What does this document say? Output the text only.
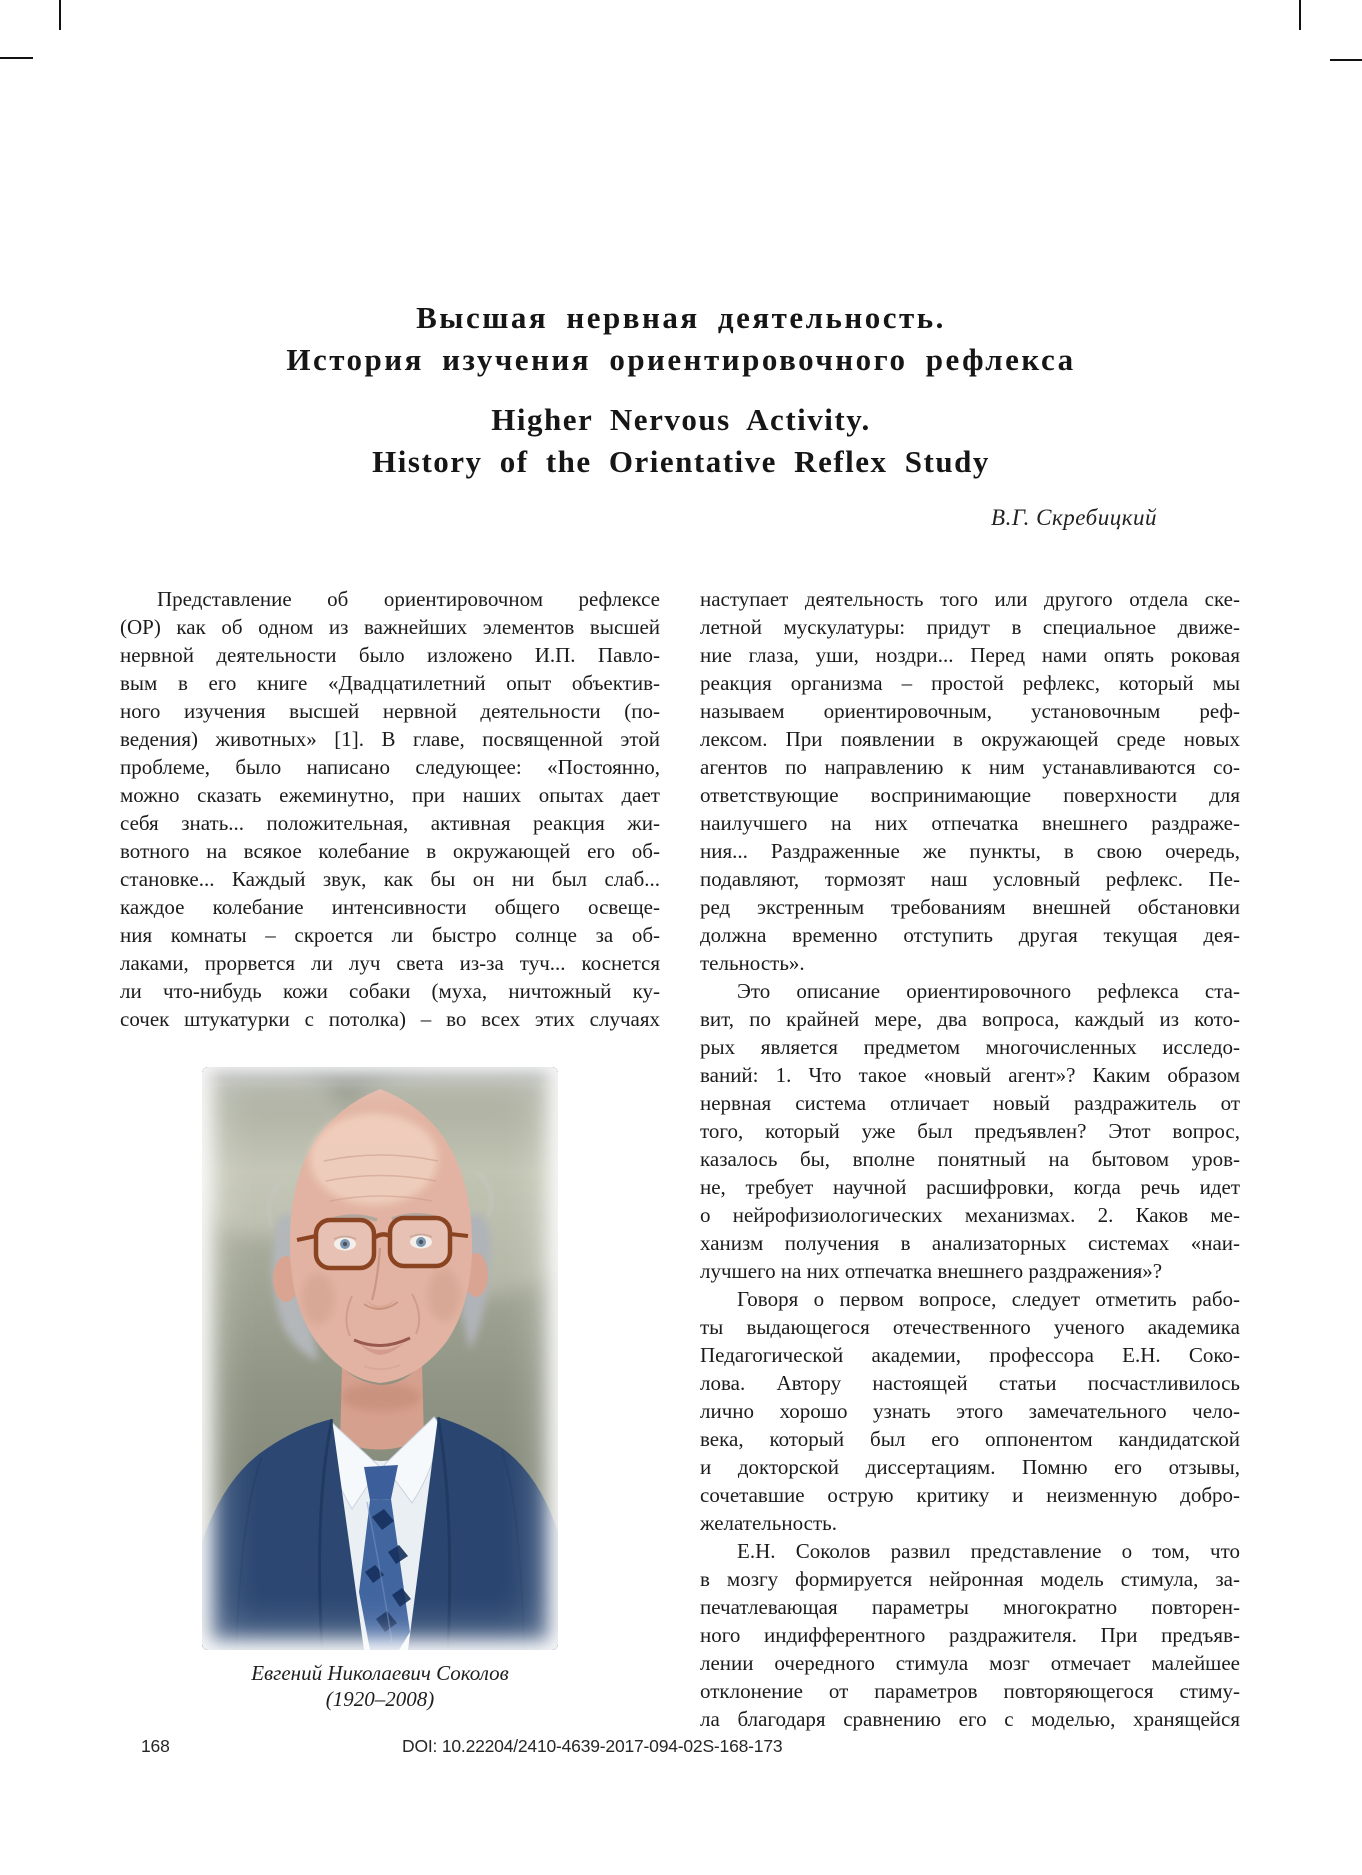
Высшая нервная деятельность.
История изучения ориентировочного рефлекса
Higher Nervous Activity.
History of the Orientative Reflex Study
В.Г. Скребицкий
Представление об ориентировочном рефлексе
(ОР) как об одном из важнейших элементов высшей
нервной деятельности было изложено И.П. Павло-
вым в его книге «Двадцатилетний опыт объектив-
ного изучения высшей нервной деятельности (по-
ведения) животных» [1]. В главе, посвященной этой
проблеме, было написано следующее: «Постоянно,
можно сказать ежеминутно, при наших опытах дает
себя знать... положительная, активная реакция жи-
вотного на всякое колебание в окружающей его об-
становке... Каждый звук, как бы он ни был слаб...
каждое колебание интенсивности общего освеще-
ния комнаты – скроется ли быстро солнце за об-
лаками, прорвется ли луч света из-за туч... коснется
ли что-нибудь кожи собаки (муха, ничтожный ку-
сочек штукатурки с потолка) – во всех этих случаях
наступает деятельность того или другого отдела ске-
летной мускулатуры: придут в специальное движе-
ние глаза, уши, ноздри... Перед нами опять роковая
реакция организма – простой рефлекс, который мы
называем ориентировочным, установочным реф-
лексом. При появлении в окружающей среде новых
агентов по направлению к ним устанавливаются со-
ответствующие воспринимающие поверхности для
наилучшего на них отпечатка внешнего раздраже-
ния... Раздраженные же пункты, в свою очередь,
подавляют, тормозят наш условный рефлекс. Пе-
ред экстренным требованиям внешней обстановки
должна временно отступить другая текущая дея-
тельность».
Это описание ориентировочного рефлекса ста-
вит, по крайней мере, два вопроса, каждый из кото-
рых является предметом многочисленных исследо-
ваний: 1. Что такое «новый агент»? Каким образом
нервная система отличает новый раздражитель от
того, который уже был предъявлен? Этот вопрос,
казалось бы, вполне понятный на бытовом уров-
не, требует научной расшифровки, когда речь идет
о нейрофизиологических механизмах. 2. Каков ме-
ханизм получения в анализаторных системах «наи-
лучшего на них отпечатка внешнего раздражения»?
Говоря о первом вопросе, следует отметить рабо-
ты выдающегося отечественного ученого академика
Педагогической академии, профессора Е.Н. Соко-
лова. Автору настоящей статьи посчастливилось
лично хорошо узнать этого замечательного чело-
века, который был его оппонентом кандидатской
и докторской диссертациям. Помню его отзывы,
сочетавшие острую критику и неизменную добро-
желательность.
Е.Н. Соколов развил представление о том, что
в мозгу формируется нейронная модель стимула, за-
печатлевающая параметры многократно повторен-
ного индифферентного раздражителя. При предъяв-
лении очередного стимула мозг отмечает малейшее
отклонение от параметров повторяющегося стиму-
ла благодаря сравнению его с моделью, хранящейся
Евгений Николаевич Соколов
(1920–2008)
168	DOI: 10.22204/2410-4639-2017-094-02S-168-173
